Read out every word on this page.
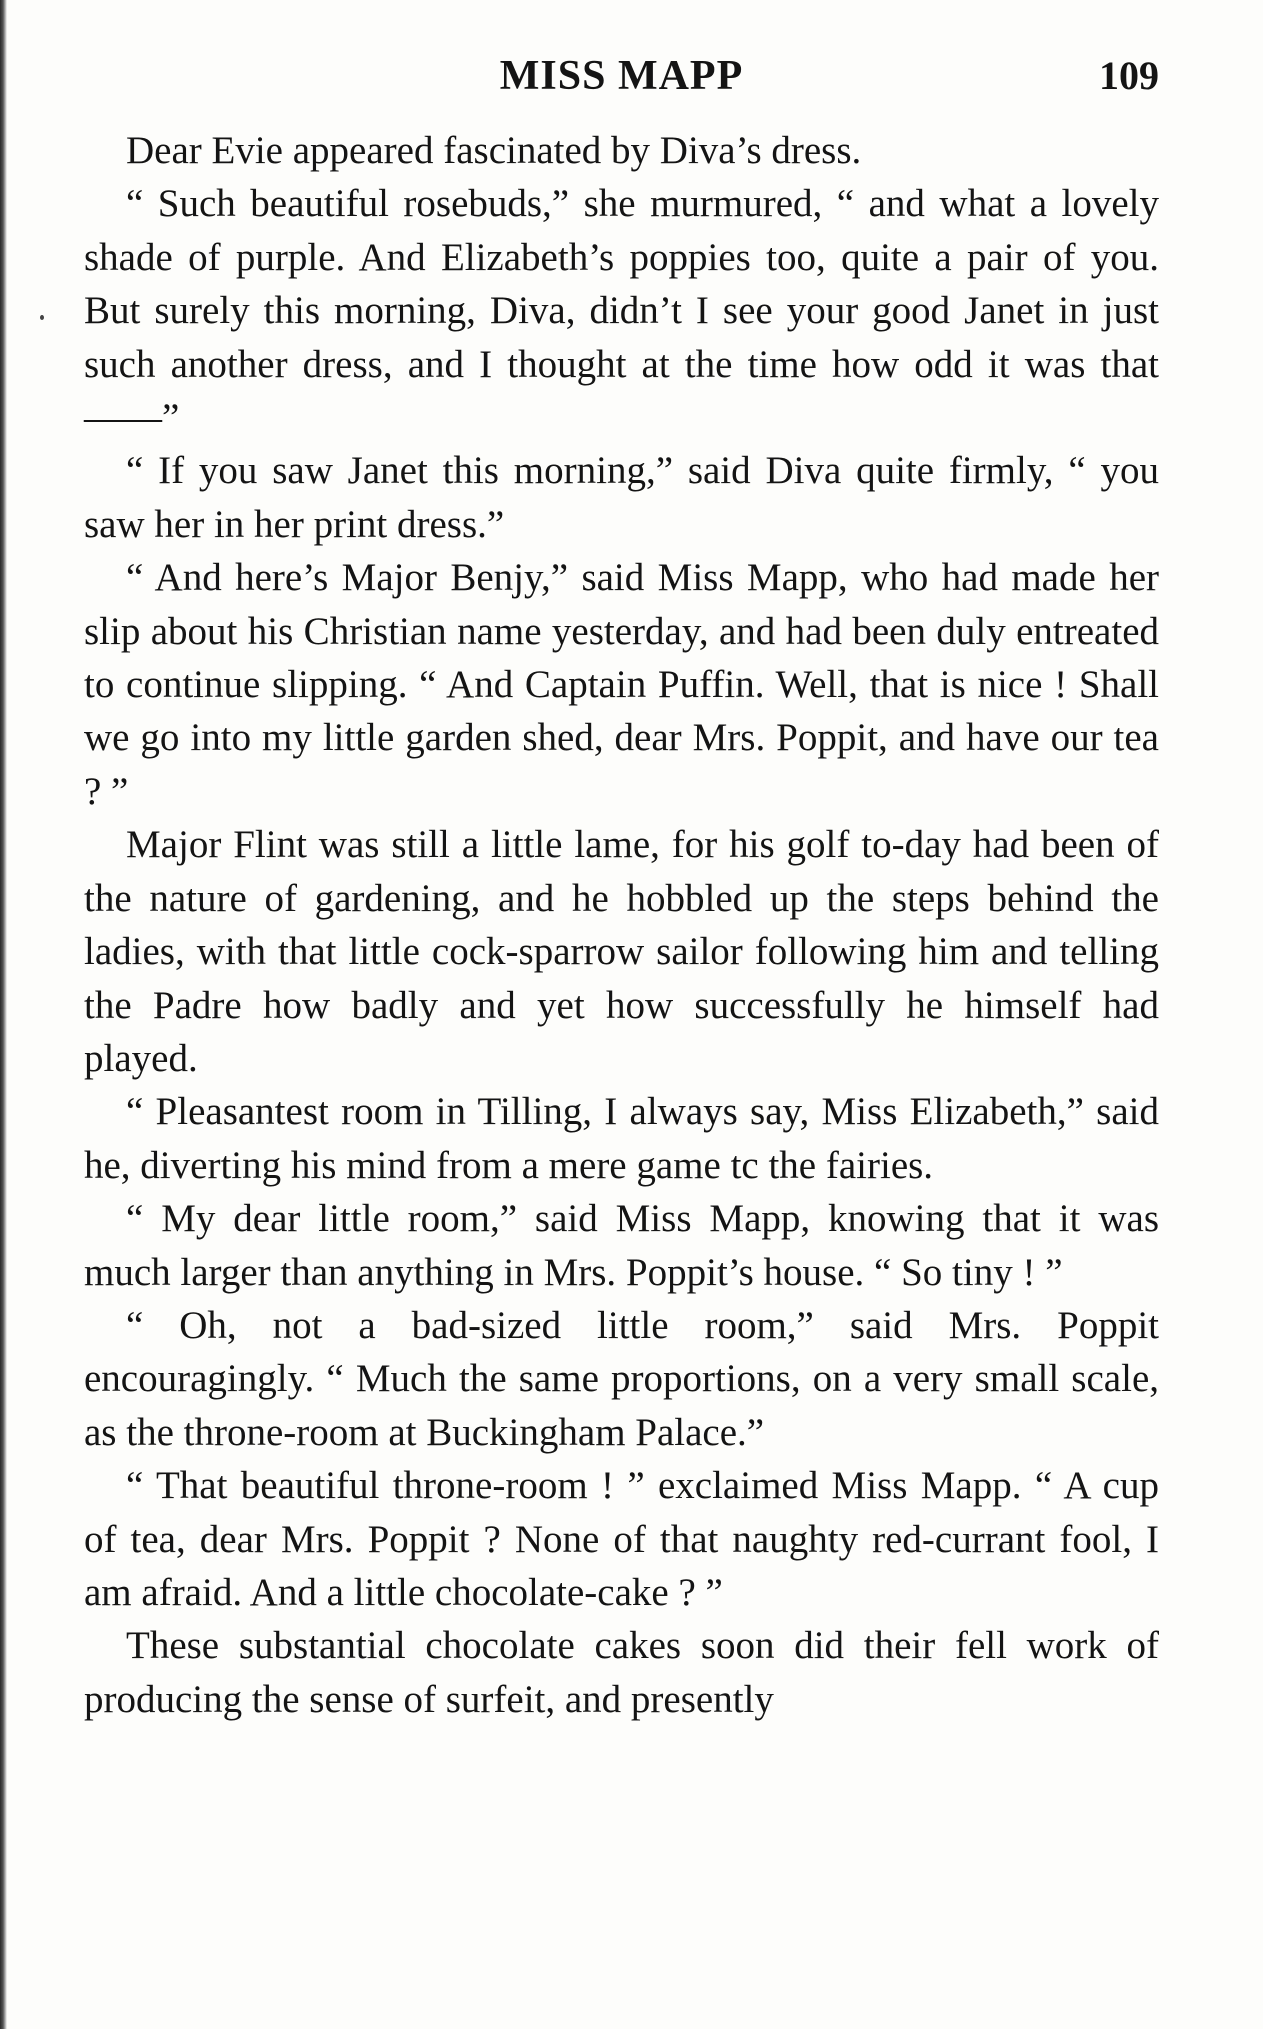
MISS MAPP	109

Dear Evie appeared fascinated by Diva’s dress.

“ Such beautiful rosebuds,” she murmured, “ and what a lovely shade of purple. And Elizabeth’s poppies too, quite a pair of you. But surely this morning, Diva, didn’t I see your good Janet in just such another dress, and I thought at the time how odd it was that——”

“ If you saw Janet this morning,” said Diva quite firmly, “ you saw her in her print dress.”

“ And here’s Major Benjy,” said Miss Mapp, who had made her slip about his Christian name yesterday, and had been duly entreated to continue slipping. “ And Captain Puffin. Well, that is nice ! Shall we go into my little garden shed, dear Mrs. Poppit, and have our tea ? ”

Major Flint was still a little lame, for his golf to-day had been of the nature of gardening, and he hobbled up the steps behind the ladies, with that little cock-sparrow sailor following him and telling the Padre how badly and yet how successfully he himself had played.

“ Pleasantest room in Tilling, I always say, Miss Elizabeth,” said he, diverting his mind from a mere game tc the fairies.

“ My dear little room,” said Miss Mapp, knowing that it was much larger than anything in Mrs. Poppit’s house. “ So tiny ! ”

“ Oh, not a bad-sized little room,” said Mrs. Poppit encouragingly. “ Much the same proportions, on a very small scale, as the throne-room at Buckingham Palace.”

“ That beautiful throne-room ! ” exclaimed Miss Mapp. “ A cup of tea, dear Mrs. Poppit ? None of that naughty red-currant fool, I am afraid. And a little chocolate-cake ? ”

These substantial chocolate cakes soon did their fell work of producing the sense of surfeit, and presently
